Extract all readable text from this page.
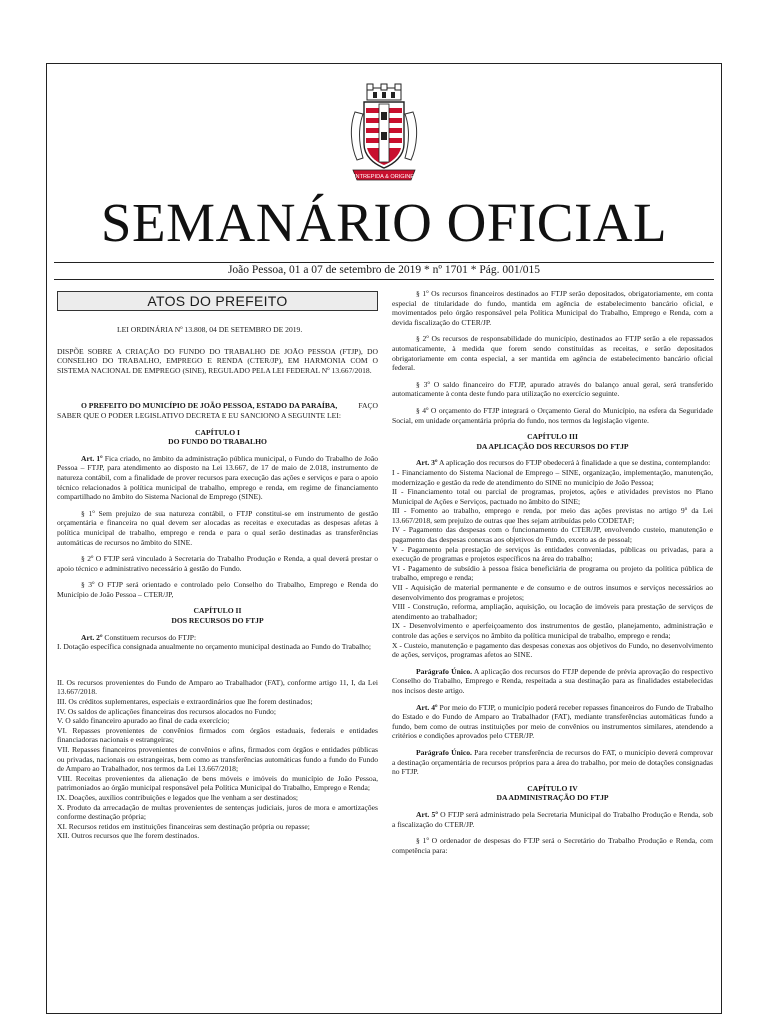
INTREPIDA & ORIGINE
SEMANÁRIO OFICIAL
João Pessoa, 01 a 07 de setembro de 2019 * nº 1701 * Pág. 001/015
ATOS DO PREFEITO

LEI ORDINÁRIA Nº 13.808, 04 DE SETEMBRO DE 2019.

DISPÕE SOBRE A CRIAÇÃO DO FUNDO DO TRABALHO DE JOÃO PESSOA (FTJP), DO CONSELHO DO TRABALHO, EMPREGO E RENDA (CTER/JP), EM HARMONIA COM O SISTEMA NACIONAL DE EMPREGO (SINE), REGULADO PELA LEI FEDERAL Nº 13.667/2018.

O PREFEITO DO MUNICÍPIO DE JOÃO PESSOA, ESTADO DA PARAÍBA,	FAÇO SABER QUE O PODER LEGISLATIVO DECRETA E EU SANCIONO A SEGUINTE LEI:

CAPÍTULO I

DO FUNDO DO TRABALHO

Art. 1º Fica criado, no âmbito da administração pública municipal, o Fundo do Trabalho de João Pessoa – FTJP, para atendimento ao disposto na Lei 13.667, de 17 de maio de 2.018, instrumento de natureza contábil, com a finalidade de prover recursos para execução das ações e serviços e para o apoio técnico relacionados à política municipal de trabalho, emprego e renda, em regime de financiamento compartilhado no âmbito do Sistema Nacional de Emprego (SINE).

§ 1º Sem prejuízo de sua natureza contábil, o FTJP constitui-se em instrumento de gestão orçamentária e financeira no qual devem ser alocadas as receitas e executadas as despesas afetas à política municipal de trabalho, emprego e renda e para o qual serão destinadas as transferências automáticas de recursos no âmbito do SINE.

§ 2º O FTJP será vinculado à Secretaria do Trabalho Produção e Renda, a qual deverá prestar o apoio técnico e administrativo necessário à gestão do Fundo.

§ 3º O FTJP será orientado e controlado pelo Conselho do Trabalho, Emprego e Renda do Município de João Pessoa – CTER/JP,

CAPÍTULO II

DOS RECURSOS DO FTJP

Art. 2º Constituem recursos do FTJP:

I. Dotação específica consignada anualmente no orçamento municipal destinada ao Fundo do Trabalho;

II. Os recursos provenientes do Fundo de Amparo ao Trabalhador (FAT), conforme artigo 11, I, da Lei 13.667/2018.

III. Os créditos suplementares, especiais e extraordinários que lhe forem destinados;

IV. Os saldos de aplicações financeiras dos recursos alocados no Fundo;

V. O saldo financeiro apurado ao final de cada exercício;

VI. Repasses provenientes de convênios firmados com órgãos estaduais, federais e entidades financiadoras nacionais e estrangeiras;

VII. Repasses financeiros provenientes de convênios e afins, firmados com órgãos e entidades públicas ou privadas, nacionais ou estrangeiras, bem como as transferências automáticas fundo a fundo do Fundo de Amparo ao Trabalhador, nos termos da Lei 13.667/2018;

VIII. Receitas provenientes da alienação de bens móveis e imóveis do município de João Pessoa, patrimoniados ao órgão municipal responsável pela Política Municipal do Trabalho, Emprego e Renda;

IX. Doações, auxílios contribuições e legados que lhe venham a ser destinados;

X. Produto da arrecadação de multas provenientes de sentenças judiciais, juros de mora e amortizações conforme destinação própria;

XI. Recursos retidos em instituições financeiras sem destinação própria ou repasse;

XII. Outros recursos que lhe forem destinados.

§ 1º Os recursos financeiros destinados ao FTJP serão depositados, obrigatoriamente, em conta especial de titularidade do fundo, mantida em agência de estabelecimento bancário oficial, e movimentados pelo órgão responsável pela Política Municipal do Trabalho, Emprego e Renda, com a devida fiscalização do CTER/JP.

§ 2º Os recursos de responsabilidade do município, destinados ao FTJP serão a ele repassados automaticamente, à medida que forem sendo constituídas as receitas, e serão depositados obrigatoriamente em conta especial, a ser mantida em agência de estabelecimento bancário oficial federal.

§ 3º O saldo financeiro do FTJP, apurado através do balanço anual geral, será transferido automaticamente à conta deste fundo para utilização no exercício seguinte.

§ 4º O orçamento do FTJP integrará o Orçamento Geral do Município, na esfera da Seguridade Social, em unidade orçamentária própria do fundo, nos termos da legislação vigente.

CAPÍTULO III

DA APLICAÇÃO DOS RECURSOS DO FTJP

Art. 3º A aplicação dos recursos do FTJP obedecerá à finalidade a que se destina, contemplando:

I - Financiamento do Sistema Nacional de Emprego – SINE, organização, implementação, manutenção, modernização e gestão da rede de atendimento do SINE no município de João Pessoa;

II - Financiamento total ou parcial de programas, projetos, ações e atividades previstos no Plano Municipal de Ações e Serviços, pactuado no âmbito do SINE;

III - Fomento ao trabalho, emprego e renda, por meio das ações previstas no artigo 9º da Lei 13.667/2018, sem prejuízo de outras que lhes sejam atribuídas pelo CODETAF;

IV - Pagamento das despesas com o funcionamento do CTER/JP, envolvendo custeio, manutenção e pagamento das despesas conexas aos objetivos do Fundo, exceto as de pessoal;

V - Pagamento pela prestação de serviços às entidades conveniadas, públicas ou privadas, para a execução de programas e projetos específicos na área do trabalho;

VI - Pagamento de subsídio à pessoa física beneficiária de programa ou projeto da política pública de trabalho, emprego e renda;

VII - Aquisição de material permanente e de consumo e de outros insumos e serviços necessários ao desenvolvimento dos programas e projetos;

VIII - Construção, reforma, ampliação, aquisição, ou locação de imóveis para prestação de serviços de atendimento ao trabalhador;

IX - Desenvolvimento e aperfeiçoamento dos instrumentos de gestão, planejamento, administração e controle das ações e serviços no âmbito da política municipal de trabalho, emprego e renda;

X - Custeio, manutenção e pagamento das despesas conexas aos objetivos do Fundo, no desenvolvimento de ações, serviços, programas afetos ao SINE.

Parágrafo Único. A aplicação dos recursos do FTJP depende de prévia aprovação do respectivo Conselho do Trabalho, Emprego e Renda, respeitada a sua destinação para as finalidades estabelecidas nos incisos deste artigo.

Art. 4º Por meio do FTJP, o município poderá receber repasses financeiros do Fundo de Trabalho do Estado e do Fundo de Amparo ao Trabalhador (FAT), mediante transferências automáticas fundo a fundo, bem como de outras instituições por meio de convênios ou instrumentos similares, atendendo a critérios e condições aprovados pelo CTER/JP.

Parágrafo Único. Para receber transferência de recursos do FAT, o município deverá comprovar a destinação orçamentária de recursos próprios para a área do trabalho, por meio de dotações consignadas no FTJP.

CAPÍTULO IV

DA ADMINISTRAÇÃO DO FTJP

Art. 5º O FTJP será administrado pela Secretaria Municipal do Trabalho Produção e Renda, sob a fiscalização do CTER/JP.

§ 1º O ordenador de despesas do FTJP será o Secretário do Trabalho Produção e Renda, com competência para:
